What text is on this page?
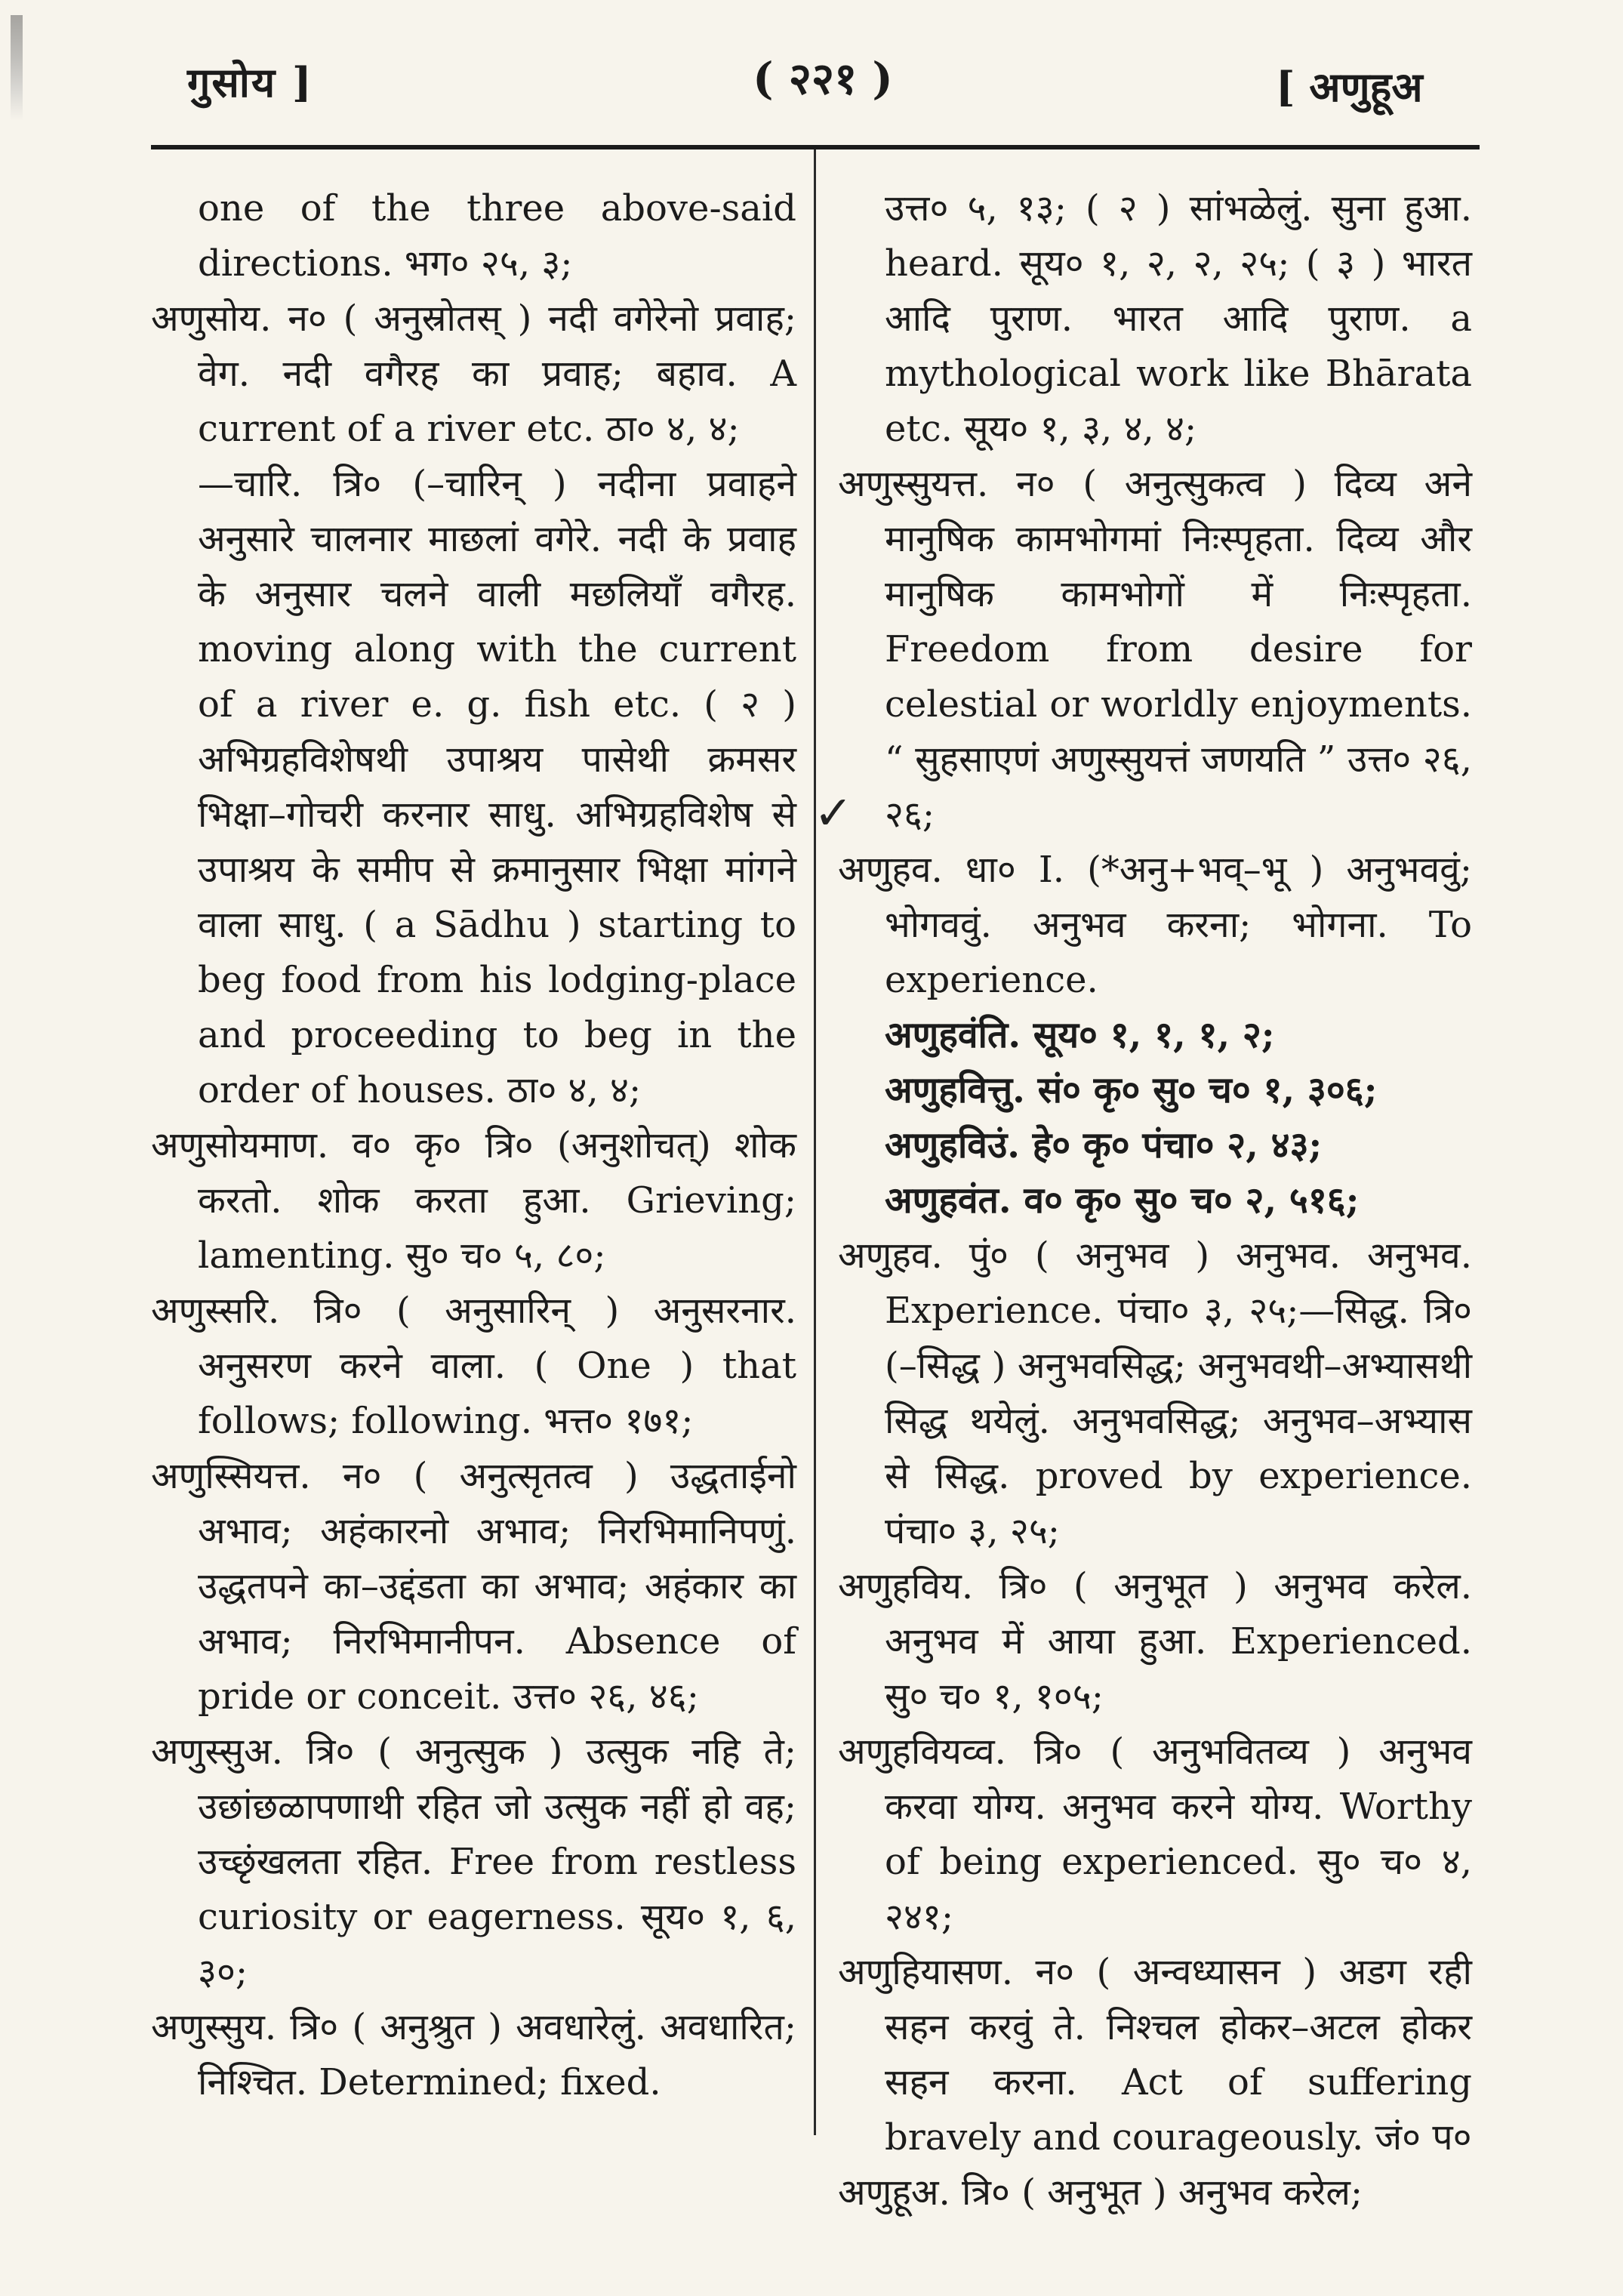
गुसोय ]	( २२१ )	[ अणुहूअ
✓

one of the three above-said directions. भग० २५, ३;

अणुसोय. न० ( अनुस्रोतस् ) नदी वगेरेनो प्रवाह; वेग. नदी वगैरह का प्रवाह; बहाव. A current of a river etc. ठा० ४, ४;

—चारि. त्रि० (–चारिन् ) नदीना प्रवाहने अनुसारे चालनार माछलां वगेरे. नदी के प्रवाह के अनुसार चलने वाली मछलियाँ वगैरह. moving along with the current of a river e. g. fish etc. ( २ ) अभिग्रहविशेषथी उपाश्रय पासेथी क्रमसर भिक्षा–गोचरी करनार साधु. अभिग्रहविशेष से उपाश्रय के समीप से क्रमानुसार भिक्षा मांगने वाला साधु. ( a Sādhu ) starting to beg food from his lodging-place and proceeding to beg in the order of houses. ठा० ४, ४;

अणुसोयमाण. व० कृ० त्रि० (अनुशोचत्) शोक करतो. शोक करता हुआ. Grieving; lamenting. सु० च० ५, ८०;

अणुस्सरि. त्रि० ( अनुसारिन् ) अनुसरनार. अनुसरण करने वाला. ( One ) that follows; following. भत्त० १७१;

अणुस्सियत्त. न० ( अनुत्सृतत्व ) उद्धताईनो अभाव; अहंकारनो अभाव; निरभिमानिपणुं. उद्धतपने का–उद्दंडता का अभाव; अहंकार का अभाव; निरभिमानीपन. Absence of pride or conceit. उत्त० २६, ४६;

अणुस्सुअ. त्रि० ( अनुत्सुक ) उत्सुक नहि ते; उछांछळापणाथी रहित जो उत्सुक नहीं हो वह; उच्छृंखलता रहित. Free from restless curiosity or eagerness. सूय० १, ६, ३०;

अणुस्सुय. त्रि० ( अनुश्रुत ) अवधारेलुं. अवधारित; निश्चित. Determined; fixed.

उत्त० ५, १३; ( २ ) सांभळेलुं. सुना हुआ. heard. सूय० १, २, २, २५; ( ३ ) भारत आदि पुराण. भारत आदि पुराण. a mythological work like Bhārata etc. सूय० १, ३, ४, ४;

अणुस्सुयत्त. न० ( अनुत्सुकत्व ) दिव्य अने मानुषिक कामभोगमां निःस्पृहता. दिव्य और मानुषिक कामभोगों में निःस्पृहता. Freedom from desire for celestial or worldly enjoyments. “ सुहसाएणं अणुस्सुयत्तं जणयति ” उत्त० २६, २६;

अणुहव. धा० I. (*अनु+भव्–भू ) अनुभववुं; भोगववुं. अनुभव करना; भोगना. To experience.

अणुहवंति. सूय० १, १, १, २;

अणुहवित्तु. सं० कृ० सु० च० १, ३०६;

अणुहविउं. हे० कृ० पंचा० २, ४३;

अणुहवंत. व० कृ० सु० च० २, ५१६;

अणुहव. पुं० ( अनुभव ) अनुभव. अनुभव. Experience. पंचा० ३, २५;—सिद्ध. त्रि० (–सिद्ध ) अनुभवसिद्ध; अनुभवथी–अभ्यासथी सिद्ध थयेलुं. अनुभवसिद्ध; अनुभव–अभ्यास से सिद्ध. proved by experience. पंचा० ३, २५;

अणुहविय. त्रि० ( अनुभूत ) अनुभव करेल. अनुभव में आया हुआ. Experienced. सु० च० १, १०५;

अणुहवियव्व. त्रि० ( अनुभवितव्य ) अनुभव करवा योग्य. अनुभव करने योग्य. Worthy of being experienced. सु० च० ४, २४१;

अणुहियासण. न० ( अन्वध्यासन ) अडग रही सहन करवुं ते. निश्चल होकर–अटल होकर सहन करना. Act of suffering bravely and courageously. जं० प०

अणुहूअ. त्रि० ( अनुभूत ) अनुभव करेल;
